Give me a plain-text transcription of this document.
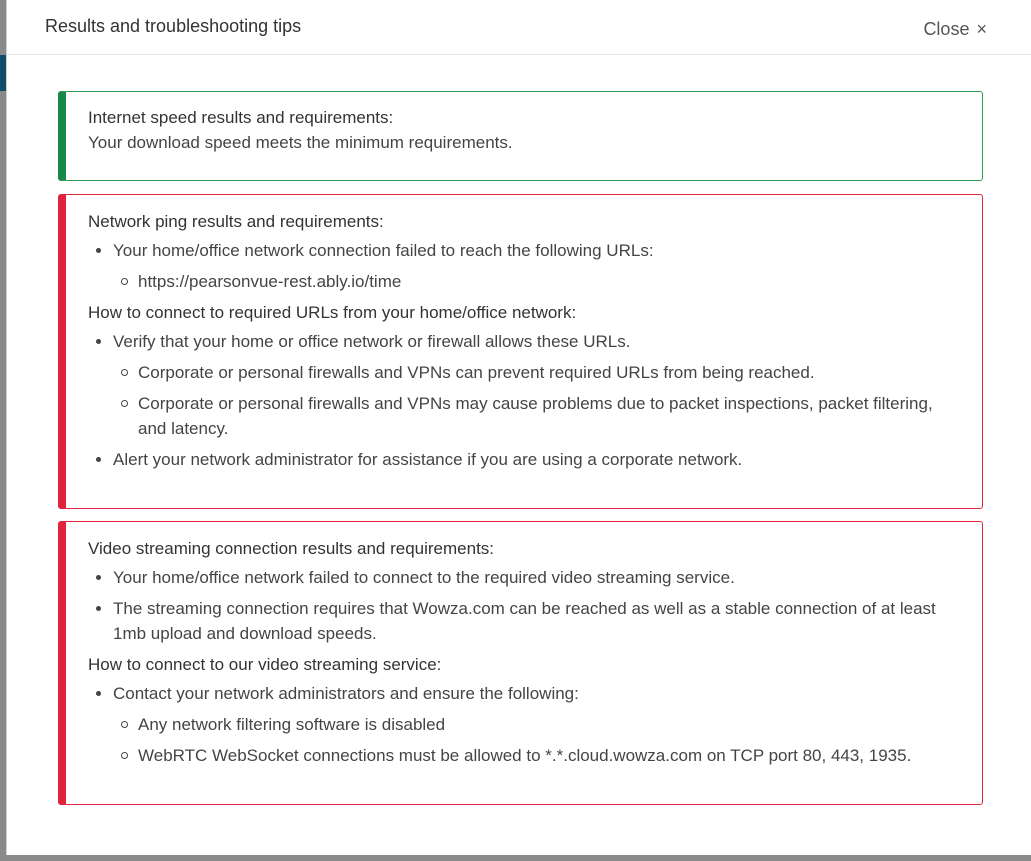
Results and troubleshooting tips	Close ×
Internet speed results and requirements:

Your download speed meets the minimum requirements.

Network ping results and requirements:
Your home/office network connection failed to reach the following URLs:
https://pearsonvue-rest.ably.io/time
How to connect to required URLs from your home/office network:
Verify that your home or office network or firewall allows these URLs.
Corporate or personal firewalls and VPNs can prevent required URLs from being reached.
Corporate or personal firewalls and VPNs may cause problems due to packet inspections, packet filtering, and latency.
Alert your network administrator for assistance if you are using a corporate network.
Video streaming connection results and requirements:
Your home/office network failed to connect to the required video streaming service.
The streaming connection requires that Wowza.com can be reached as well as a stable connection of at least 1mb upload and download speeds.
How to connect to our video streaming service:
Contact your network administrators and ensure the following:
Any network filtering software is disabled
WebRTC WebSocket connections must be allowed to *.*.cloud.wowza.com on TCP port 80, 443, 1935.
